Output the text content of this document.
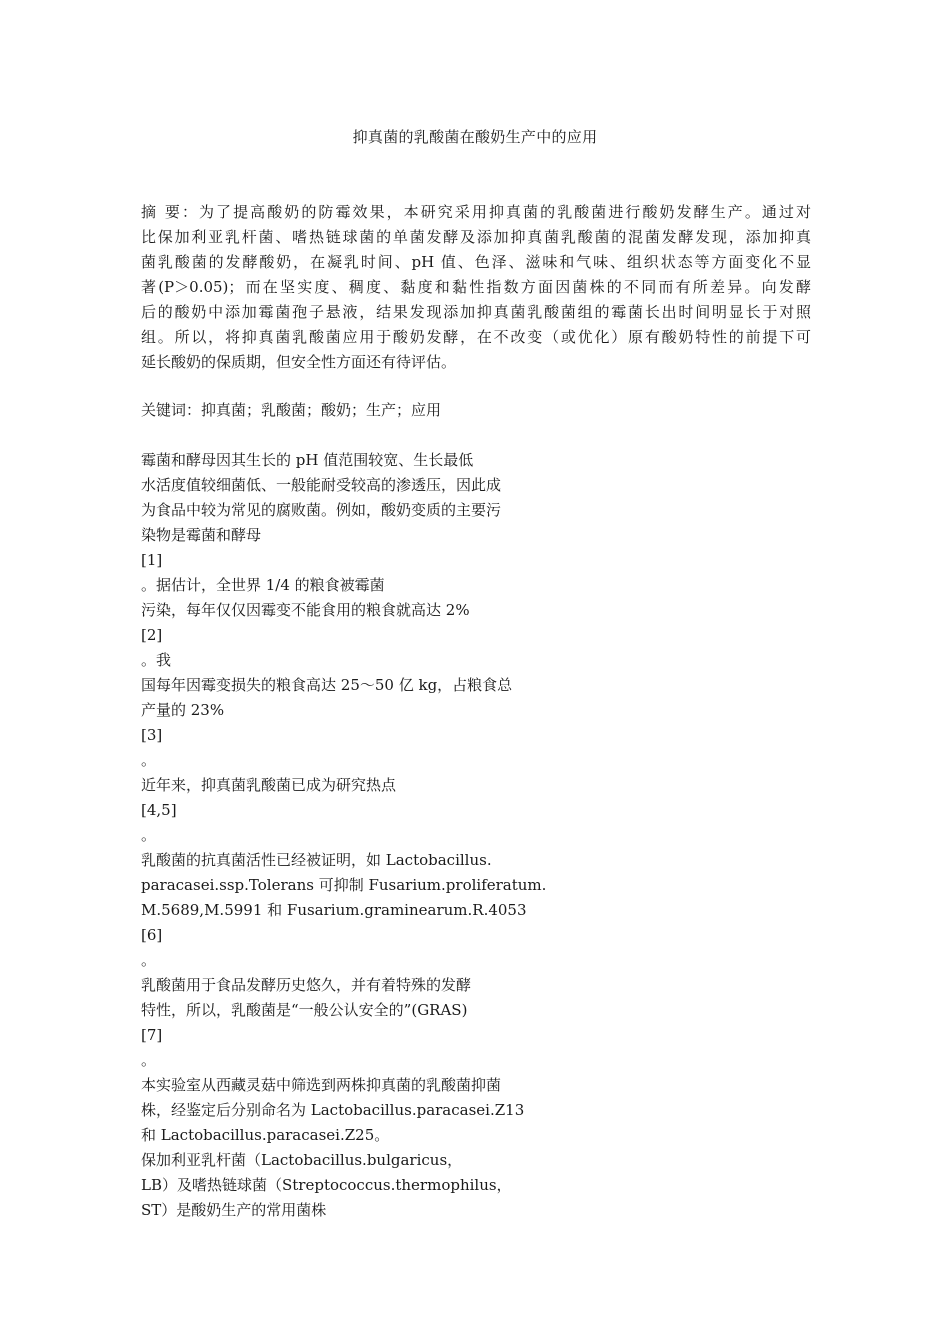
抑真菌的乳酸菌在酸奶生产中的应用
摘 要：为了提高酸奶的防霉效果，本研究采用抑真菌的乳酸菌进行酸奶发酵生产。通过对
比保加利亚乳杆菌、嗜热链球菌的单菌发酵及添加抑真菌乳酸菌的混菌发酵发现，添加抑真
菌乳酸菌的发酵酸奶，在凝乳时间、pH 值、色泽、滋味和气味、组织状态等方面变化不显
著(P＞0.05)；而在坚实度、稠度、黏度和黏性指数方面因菌株的不同而有所差异。向发酵
后的酸奶中添加霉菌孢子悬液，结果发现添加抑真菌乳酸菌组的霉菌长出时间明显长于对照
组。所以，将抑真菌乳酸菌应用于酸奶发酵，在不改变（或优化）原有酸奶特性的前提下可
延长酸奶的保质期，但安全性方面还有待评估。
关键词：抑真菌；乳酸菌；酸奶；生产；应用
霉菌和酵母因其生长的 pH 值范围较宽、生长最低
水活度值较细菌低、一般能耐受较高的渗透压，因此成
为食品中较为常见的腐败菌。例如，酸奶变质的主要污
染物是霉菌和酵母
[1]
。据估计，全世界 1/4 的粮食被霉菌
污染，每年仅仅因霉变不能食用的粮食就高达 2%
[2]
。我
国每年因霉变损失的粮食高达 25～50 亿 kg，占粮食总
产量的 23%
[3]
。
近年来，抑真菌乳酸菌已成为研究热点
[4,5]
。
乳酸菌的抗真菌活性已经被证明，如 Lactobacillus.
paracasei.ssp.Tolerans 可抑制 Fusarium.proliferatum.
M.5689,M.5991 和 Fusarium.graminearum.R.4053
[6]
。
乳酸菌用于食品发酵历史悠久，并有着特殊的发酵
特性，所以，乳酸菌是“一般公认安全的”(GRAS)
[7]
。
本实验室从西藏灵菇中筛选到两株抑真菌的乳酸菌抑菌
株，经鉴定后分别命名为 Lactobacillus.paracasei.Z13
和 Lactobacillus.paracasei.Z25。
保加利亚乳杆菌（Lactobacillus.bulgaricus，
LB）及嗜热链球菌（Streptococcus.thermophilus，
ST）是酸奶生产的常用菌株
